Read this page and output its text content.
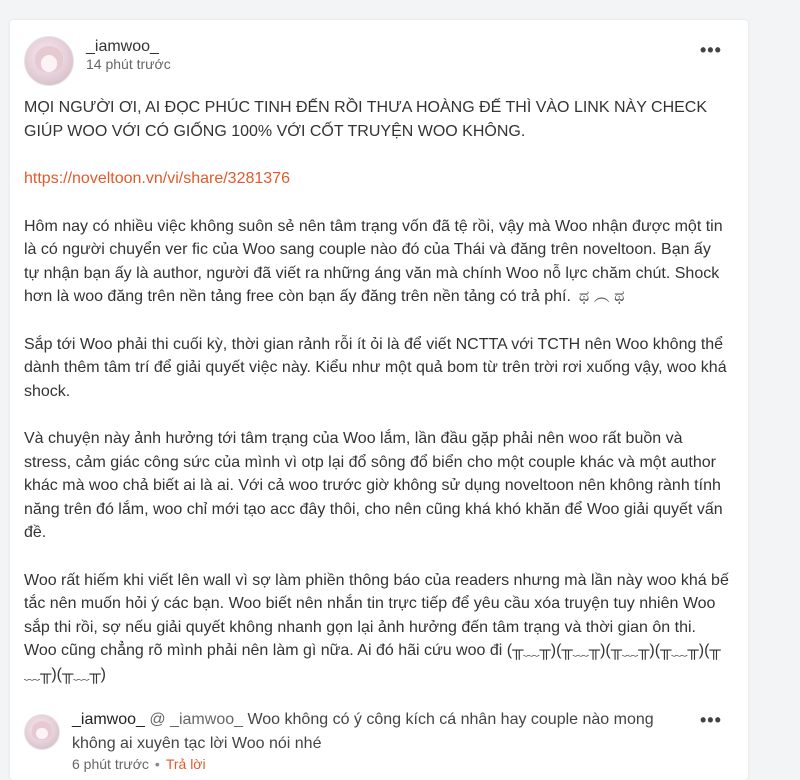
_iamwoo_
14 phút trước
•••

MỌI NGƯỜI ƠI, AI ĐỌC PHÚC TINH ĐẾN RỒI THƯA HOÀNG ĐẾ THÌ VÀO LINK NÀY CHECK GIÚP WOO VỚI CÓ GIỐNG 100% VỚI CỐT TRUYỆN WOO KHÔNG.

https://noveltoon.vn/vi/share/3281376

Hôm nay có nhiều việc không suôn sẻ nên tâm trạng vốn đã tệ rồi, vậy mà Woo nhận được một tin là có người chuyển ver fic của Woo sang couple nào đó của Thái và đăng trên noveltoon. Bạn ấy tự nhận bạn ấy là author, người đã viết ra những áng văn mà chính Woo nỗ lực chăm chút. Shock hơn là woo đăng trên nền tảng free còn bạn ấy đăng trên nền tảng có trả phí. ಥ ︵ ಥ

Sắp tới Woo phải thi cuối kỳ, thời gian rảnh rỗi ít ỏi là để viết NCTTA với TCTH nên Woo không thể dành thêm tâm trí để giải quyết việc này. Kiểu như một quả bom từ trên trời rơi xuống vậy, woo khá shock.

Và chuyện này ảnh hưởng tới tâm trạng của Woo lắm, lần đầu gặp phải nên woo rất buồn và stress, cảm giác công sức của mình vì otp lại đổ sông đổ biển cho một couple khác và một author khác mà woo chả biết ai là ai. Với cả woo trước giờ không sử dụng noveltoon nên không rành tính năng trên đó lắm, woo chỉ mới tạo acc đây thôi, cho nên cũng khá khó khăn để Woo giải quyết vấn đề.

Woo rất hiếm khi viết lên wall vì sợ làm phiền thông báo của readers nhưng mà lần này woo khá bế tắc nên muốn hỏi ý các bạn. Woo biết nên nhắn tin trực tiếp để yêu cầu xóa truyện tuy nhiên Woo sắp thi rồi, sợ nếu giải quyết không nhanh gọn lại ảnh hưởng đến tâm trạng và thời gian ôn thi. Woo cũng chẳng rõ mình phải nên làm gì nữa. Ai đó hãi cứu woo đi (╥﹏╥)(╥﹏╥)(╥﹏╥)(╥﹏╥)(╥﹏╥)(╥﹏╥)

_iamwoo_ @ _iamwoo_ Woo không có ý công kích cá nhân hay couple nào mong không ai xuyên tạc lời Woo nói nhé
•••
6 phút trước • Trả lời
